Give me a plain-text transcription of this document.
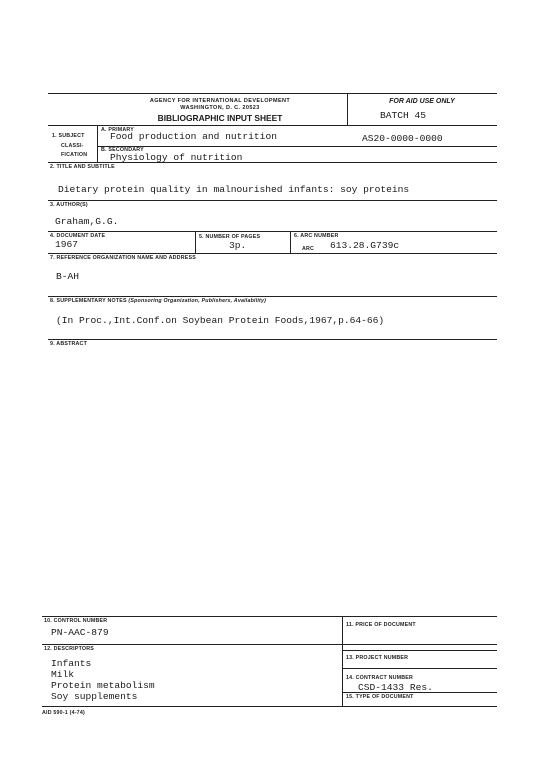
AGENCY FOR INTERNATIONAL DEVELOPMENT
WASHINGTON, D. C. 20523
BIBLIOGRAPHIC INPUT SHEET
FOR AID USE ONLY
BATCH 45
1. SUBJECT
CLASSI-
FICATION
A. PRIMARY
Food production and nutrition	AS20-0000-0000
B. SECONDARY
Physiology of nutrition
2. TITLE AND SUBTITLE
Dietary protein quality in malnourished infants: soy proteins
3. AUTHOR(S)
Graham,G.G.
4. DOCUMENT DATE
1967
5. NUMBER OF PAGES
3p.
6. ARC NUMBER
ARC 613.28.G739c
7. REFERENCE ORGANIZATION NAME AND ADDRESS
B-AH
8. SUPPLEMENTARY NOTES (Sponsoring Organization, Publishers, Availability)
(In Proc.,Int.Conf.on Soybean Protein Foods,1967,p.64-66)
9. ABSTRACT
10. CONTROL NUMBER
PN-AAC-879
11. PRICE OF DOCUMENT
12. DESCRIPTORS
Infants
Milk
Protein metabolism
Soy supplements
13. PROJECT NUMBER
14. CONTRACT NUMBER
CSD-1433 Res.
15. TYPE OF DOCUMENT
AID 590-1 (4-74)
